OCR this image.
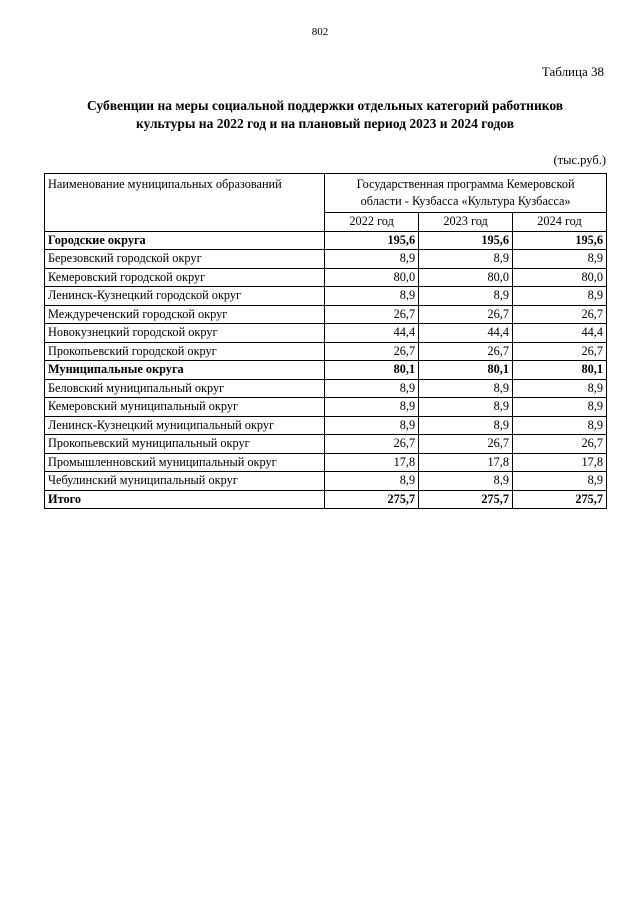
802
Таблица 38
Субвенции на меры социальной поддержки отдельных категорий работников
культуры на 2022 год и на плановый период 2023 и 2024 годов
(тыс.руб.)
Наименование муниципальных образований	Государственная программа Кемеровской
области - Кузбасса «Культура Кузбасса»		

	2022 год	2023 год	2024 год
Городские округа	195,6	195,6	195,6
Березовский городской округ	8,9	8,9	8,9
Кемеровский городской округ	80,0	80,0	80,0
Ленинск-Кузнецкий городской округ	8,9	8,9	8,9
Междуреченский городской округ	26,7	26,7	26,7
Новокузнецкий городской округ	44,4	44,4	44,4
Прокопьевский городской округ	26,7	26,7	26,7
Муниципальные округа	80,1	80,1	80,1
Беловский муниципальный округ	8,9	8,9	8,9
Кемеровский муниципальный округ	8,9	8,9	8,9
Ленинск-Кузнецкий муниципальный округ	8,9	8,9	8,9
Прокопьевский муниципальный округ	26,7	26,7	26,7
Промышленновский муниципальный округ	17,8	17,8	17,8
Чебулинский муниципальный округ	8,9	8,9	8,9
Итого	275,7	275,7	275,7
